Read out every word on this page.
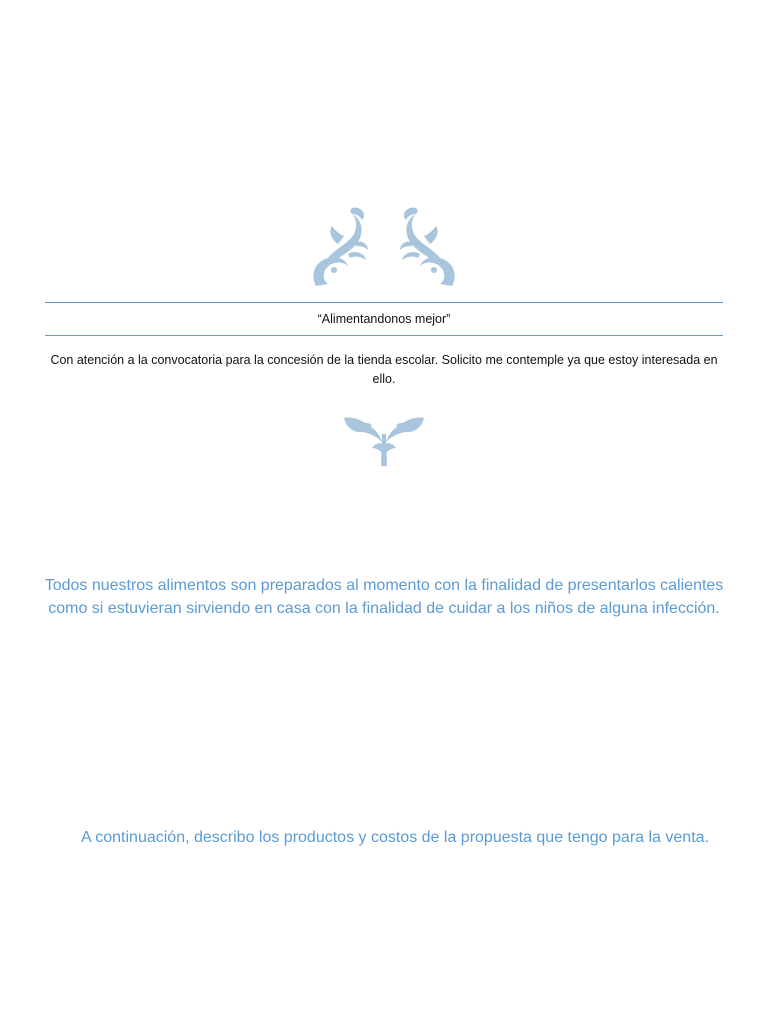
“Alimentandonos mejor”
Con atención a la convocatoria para la concesión de la tienda escolar. Solicito me contemple ya que estoy interesada en ello.
Todos nuestros alimentos son preparados al momento con la finalidad de presentarlos calientes como si estuvieran sirviendo en casa con la finalidad de cuidar a los niños de alguna infección.
A continuación, describo los productos y costos de la propuesta que tengo para la venta.
